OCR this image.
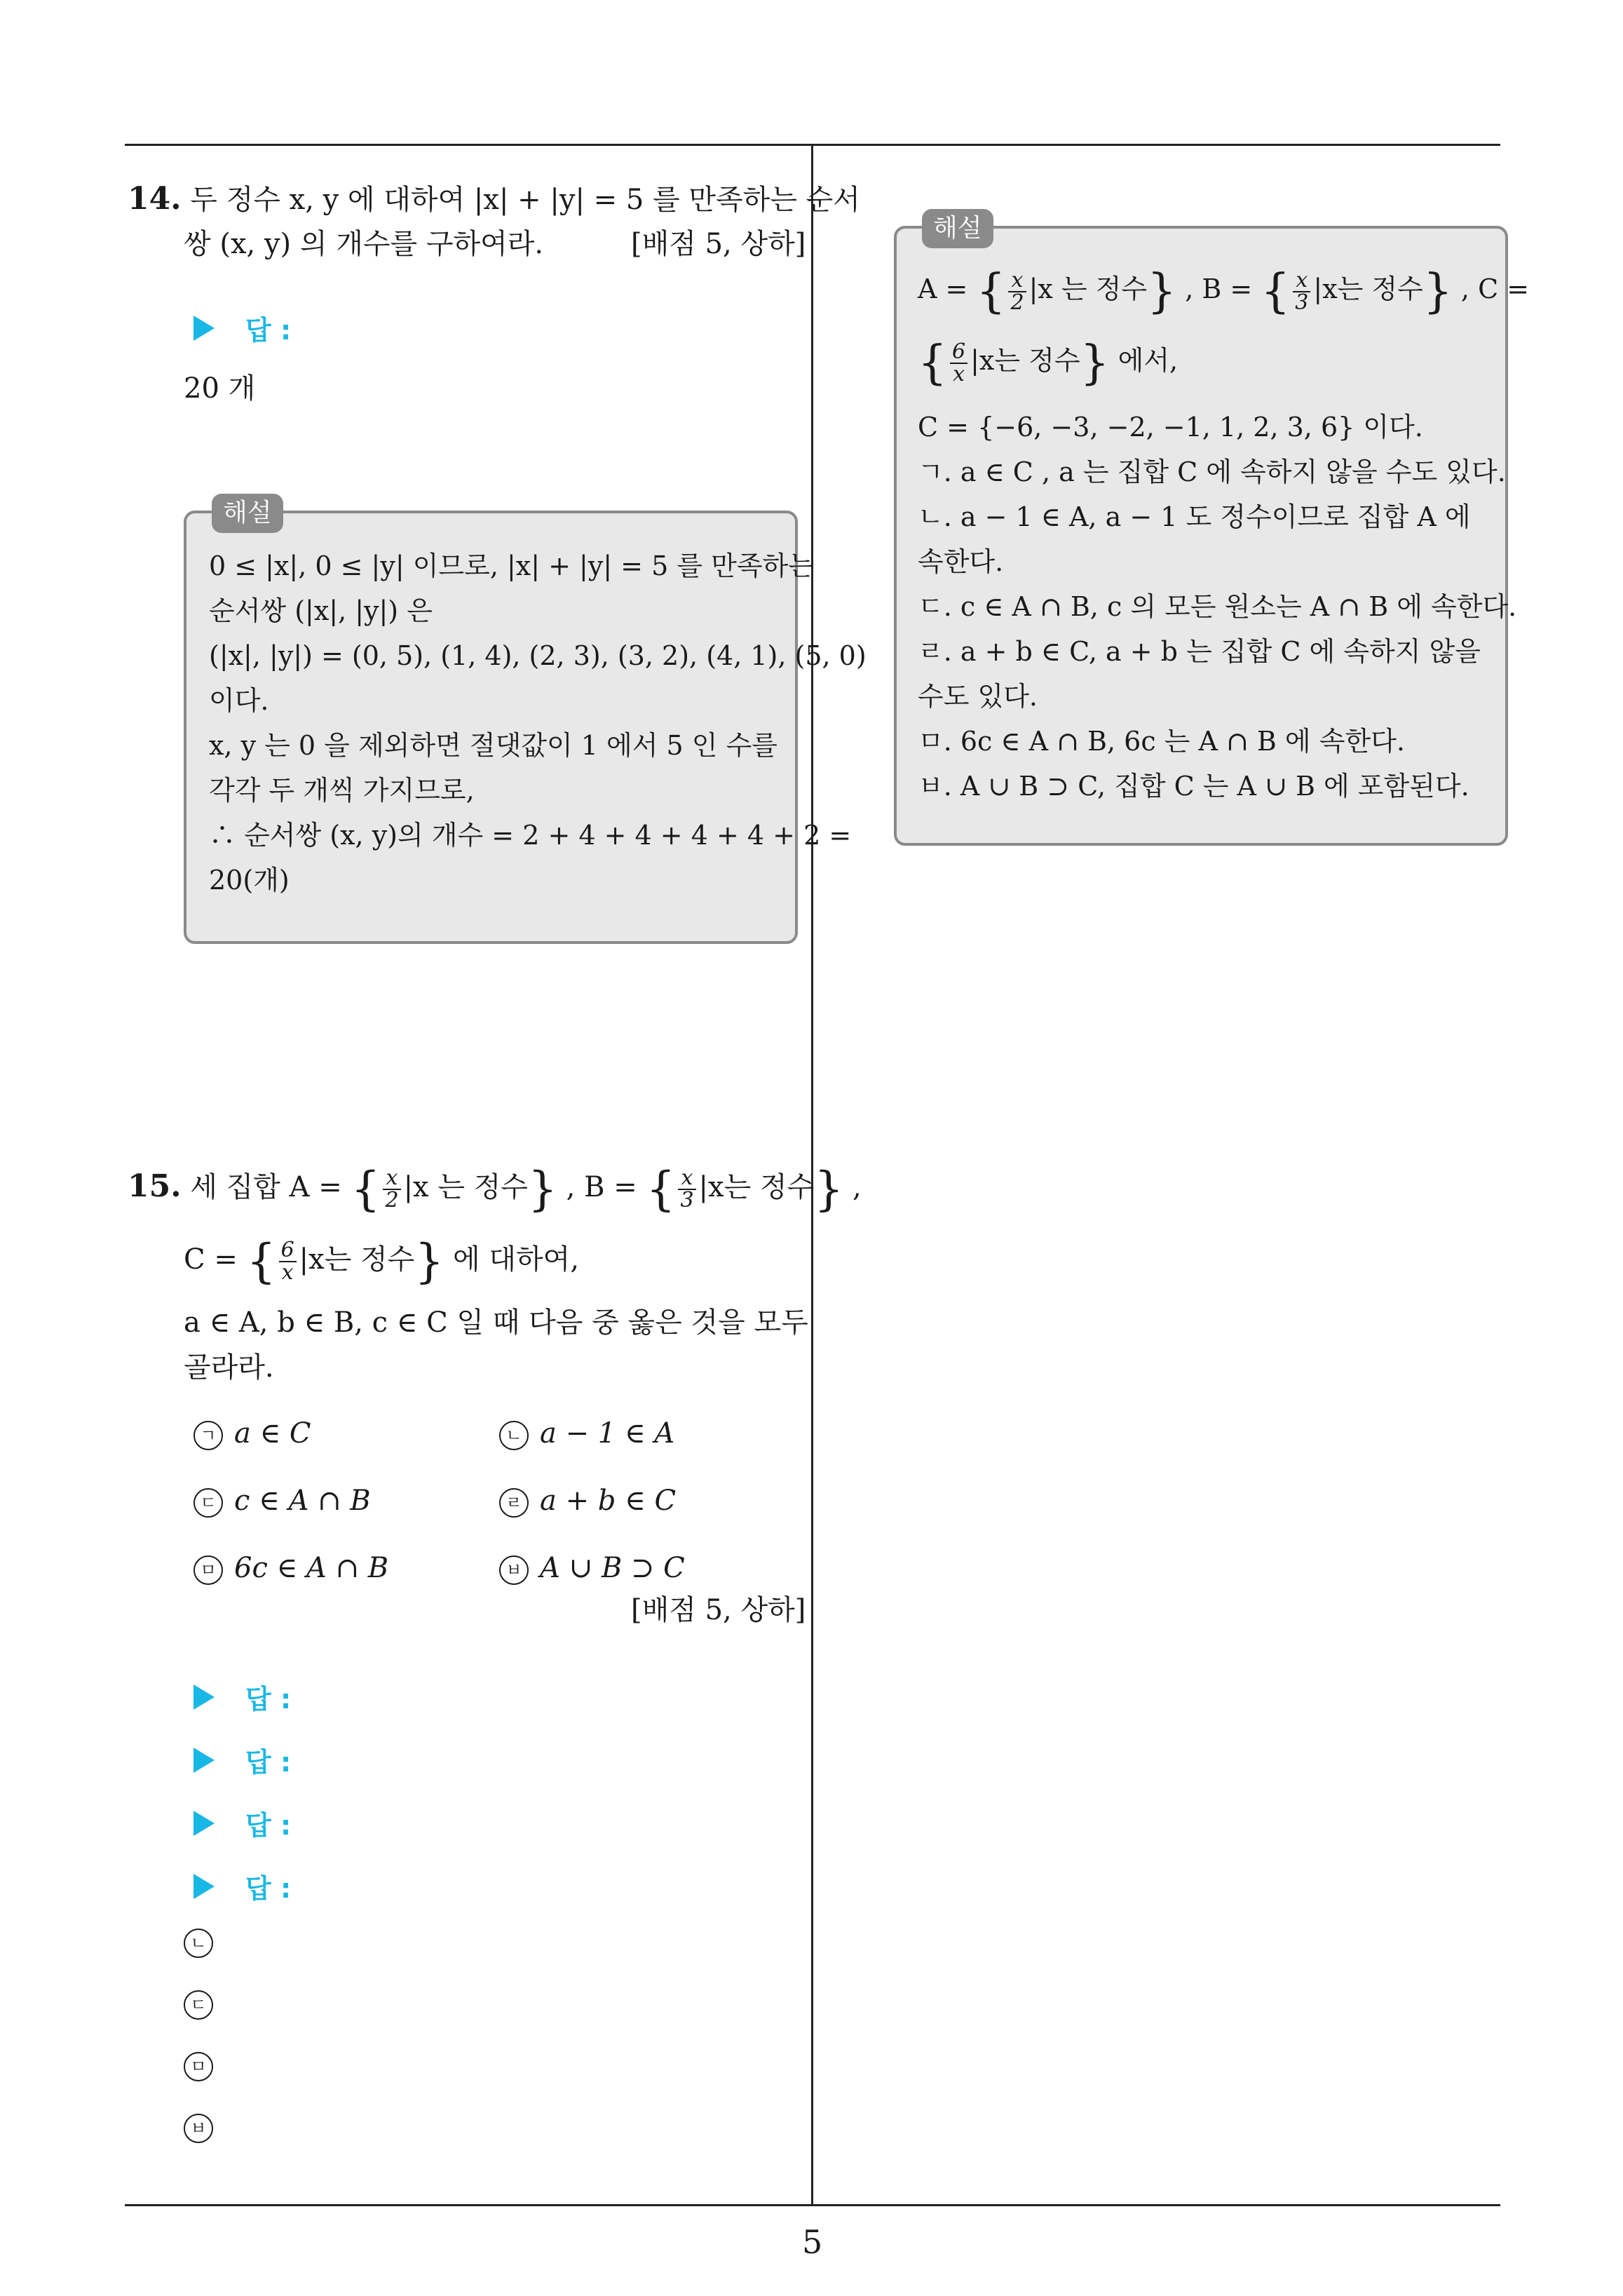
14. 두 정수 x, y 에 대하여 |x| + |y| = 5 를 만족하는 순서
쌍 (x, y) 의 개수를 구하여라.	[배점 5, 상하]
답 :
20 개
해설
0 ≤ |x|, 0 ≤ |y| 이므로, |x| + |y| = 5 를 만족하는
순서쌍 (|x|, |y|) 은
(|x|, |y|) = (0, 5), (1, 4), (2, 3), (3, 2), (4, 1), (5, 0)
이다.
x, y 는 0 을 제외하면 절댓값이 1 에서 5 인 수를
각각 두 개씩 가지므로,
∴ 순서쌍 (x, y)의 개수 = 2 + 4 + 4 + 4 + 4 + 2 =
20(개)
15. 세 집합 A = { $\frac{x}{2} |x$ 는 정수} , B = { $\frac{x}{3} |x$는 정수} ,
C = { $\frac{6}{x} |x$는 정수} 에 대하여,
a ∈ A, b ∈ B, c ∈ C 일 때 다음 중 옳은 것을 모두
골라라.
ㄱ a ∈ C	ㄴ a − 1 ∈ A
ㄷ c ∈ A ∩ B	ㄹ a + b ∈ C
ㅁ 6c ∈ A ∩ B	ㅂ A ∪ B ⊃ C
[배점 5, 상하]
답 :
답 :
답 :
답 :
ㄴ
ㄷ
ㅁ
ㅂ
해설
A = { $\frac{x}{2} |x$ 는 정수} , B = { $\frac{x}{3} |x$는 정수} , C =
{ $\frac{6}{x} |x$는 정수} 에서,
C = {−6, −3, −2, −1, 1, 2, 3, 6} 이다.
ㄱ. a ∈ C , a 는 집합 C 에 속하지 않을 수도 있다.
ㄴ. a − 1 ∈ A, a − 1 도 정수이므로 집합 A 에
속한다.
ㄷ. c ∈ A ∩ B, c 의 모든 원소는 A ∩ B 에 속한다.
ㄹ. a + b ∈ C, a + b 는 집합 C 에 속하지 않을
수도 있다.
ㅁ. 6c ∈ A ∩ B, 6c 는 A ∩ B 에 속한다.
ㅂ. A ∪ B ⊃ C, 집합 C 는 A ∪ B 에 포함된다.
5
